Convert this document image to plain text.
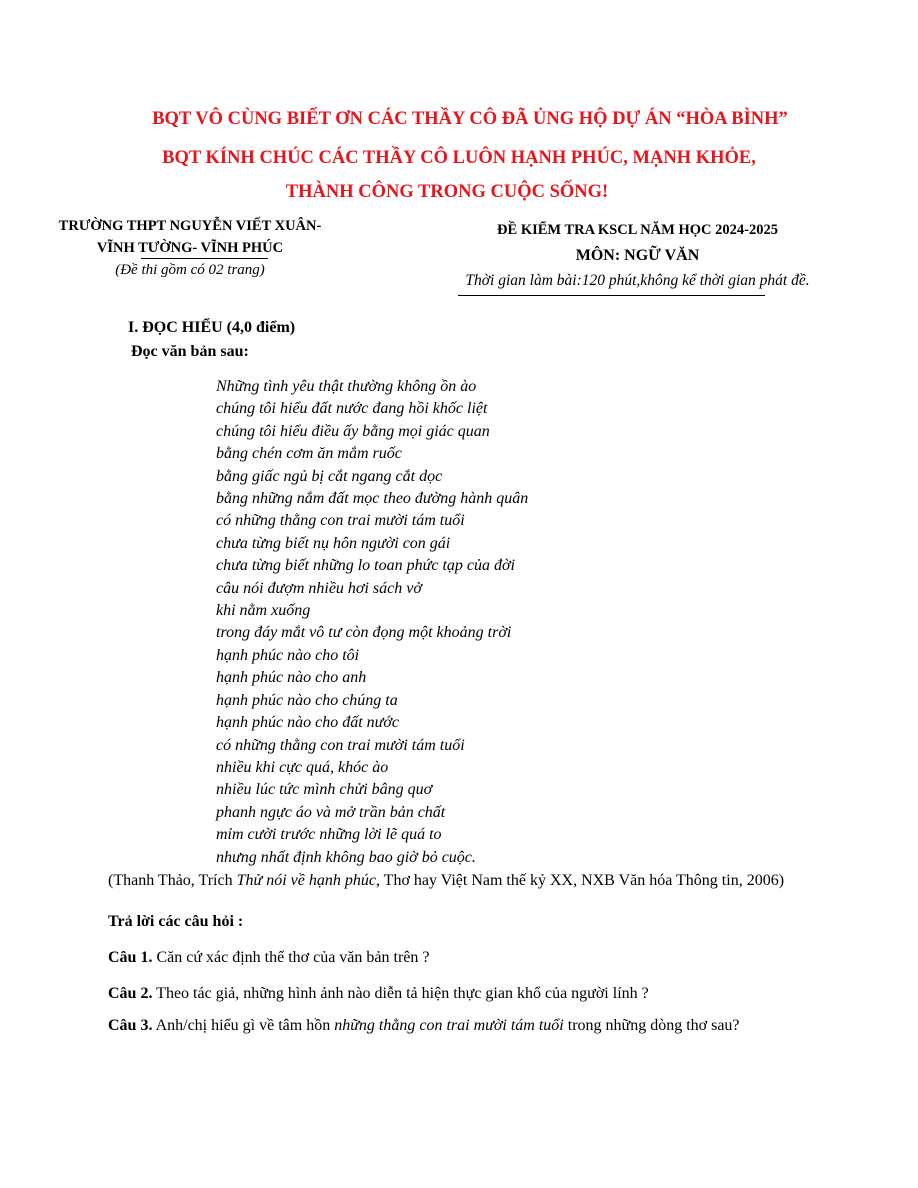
BQT VÔ CÙNG BIẾT ƠN CÁC THẦY CÔ ĐÃ ỦNG HỘ DỰ ÁN “HÒA BÌNH”
BQT KÍNH CHÚC CÁC THẦY CÔ LUÔN HẠNH PHÚC, MẠNH KHỎE,
THÀNH CÔNG TRONG CUỘC SỐNG!
TRƯỜNG THPT NGUYỄN VIẾT XUÂN-
VĨNH TƯỜNG- VĨNH PHÚC
(Đề thi gồm có 02 trang)
ĐỀ KIỂM TRA KSCL NĂM HỌC 2024-2025
MÔN: NGỮ VĂN
Thời gian làm bài:120 phút,không kể thời gian phát đề.
I. ĐỌC HIỂU (4,0 điểm)
Đọc văn bản sau:
Những tình yêu thật thường không ồn ào
chúng tôi hiểu đất nước đang hồi khốc liệt
chúng tôi hiểu điều ấy bằng mọi giác quan
bằng chén cơm ăn mắm ruốc
bằng giấc ngủ bị cắt ngang cắt dọc
bằng những nắm đất mọc theo đường hành quân
có những thằng con trai mười tám tuổi
chưa từng biết nụ hôn người con gái
chưa từng biết những lo toan phức tạp của đời
câu nói đượm nhiều hơi sách vở
khi nằm xuống
trong đáy mắt vô tư còn đọng một khoảng trời
hạnh phúc nào cho tôi
hạnh phúc nào cho anh
hạnh phúc nào cho chúng ta
hạnh phúc nào cho đất nước
có những thằng con trai mười tám tuổi
nhiều khi cực quá, khóc ào
nhiều lúc tức mình chửi bâng quơ
phanh ngực áo và mở trần bản chất
mỉm cười trước những lời lẽ quá to
nhưng nhất định không bao giờ bỏ cuộc.
(Thanh Thảo, Trích Thử nói về hạnh phúc, Thơ hay Việt Nam thế kỷ XX, NXB Văn hóa Thông tin, 2006)
Trả lời các câu hỏi :
Câu 1. Căn cứ xác định thể thơ của văn bản trên ?
Câu 2. Theo tác giả, những hình ảnh nào diễn tả hiện thực gian khổ của người lính ?
Câu 3. Anh/chị hiểu gì về tâm hồn những thằng con trai mười tám tuổi trong những dòng thơ sau?
